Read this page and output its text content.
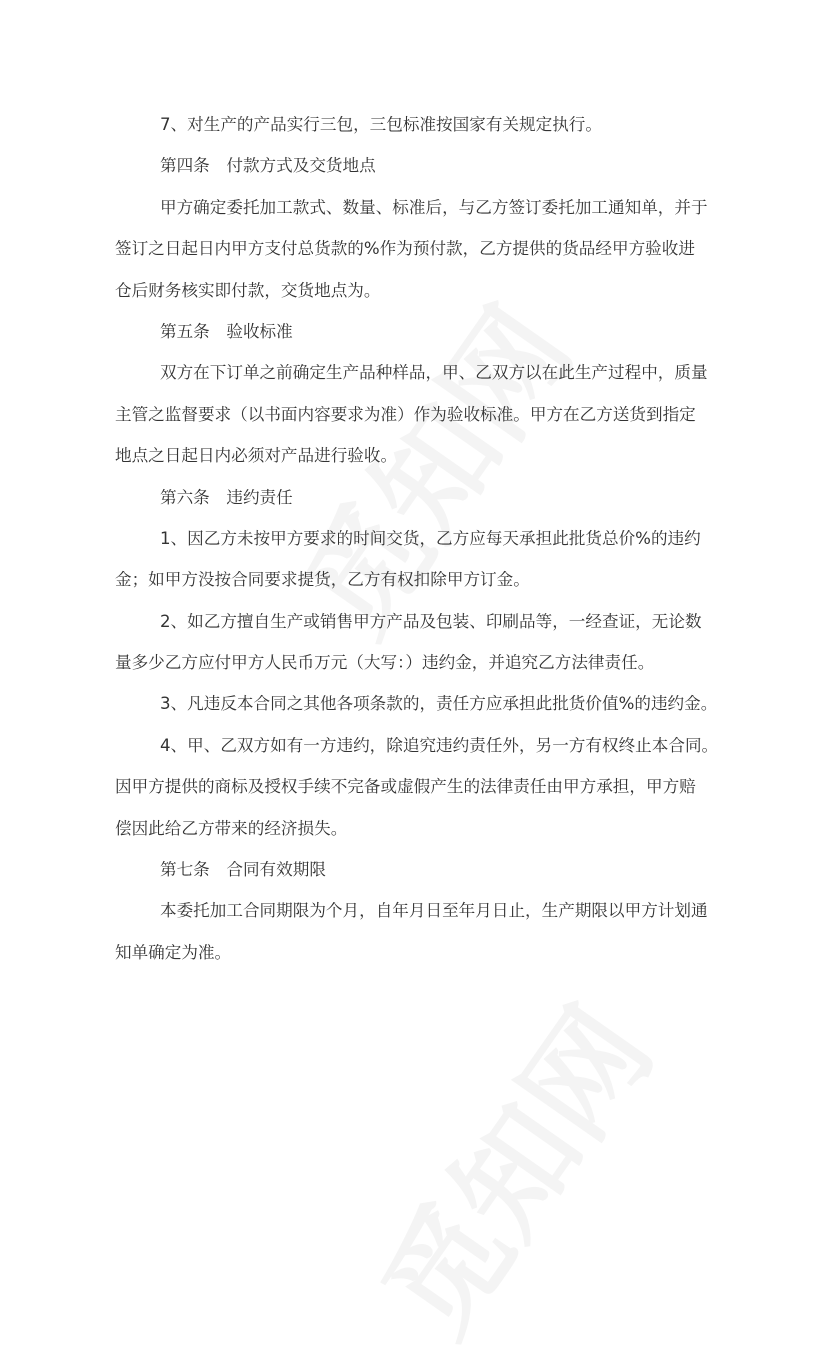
7、对生产的产品实行三包，三包标准按国家有关规定执行。
第四条　付款方式及交货地点
甲方确定委托加工款式、数量、标准后，与乙方签订委托加工通知单，并于
签订之日起日内甲方支付总货款的%作为预付款，乙方提供的货品经甲方验收进
仓后财务核实即付款，交货地点为。
第五条　验收标准
双方在下订单之前确定生产品种样品，甲、乙双方以在此生产过程中，质量
主管之监督要求（以书面内容要求为准）作为验收标准。甲方在乙方送货到指定
地点之日起日内必须对产品进行验收。
第六条　违约责任
1、因乙方未按甲方要求的时间交货，乙方应每天承担此批货总价%的违约
金；如甲方没按合同要求提货，乙方有权扣除甲方订金。
2、如乙方擅自生产或销售甲方产品及包装、印刷品等，一经查证，无论数
量多少乙方应付甲方人民币万元（大写：）违约金，并追究乙方法律责任。
3、凡违反本合同之其他各项条款的，责任方应承担此批货价值%的违约金。
4、甲、乙双方如有一方违约，除追究违约责任外，另一方有权终止本合同。
因甲方提供的商标及授权手续不完备或虚假产生的法律责任由甲方承担，甲方赔
偿因此给乙方带来的经济损失。
第七条　合同有效期限
本委托加工合同期限为个月，自年月日至年月日止，生产期限以甲方计划通
知单确定为准。
